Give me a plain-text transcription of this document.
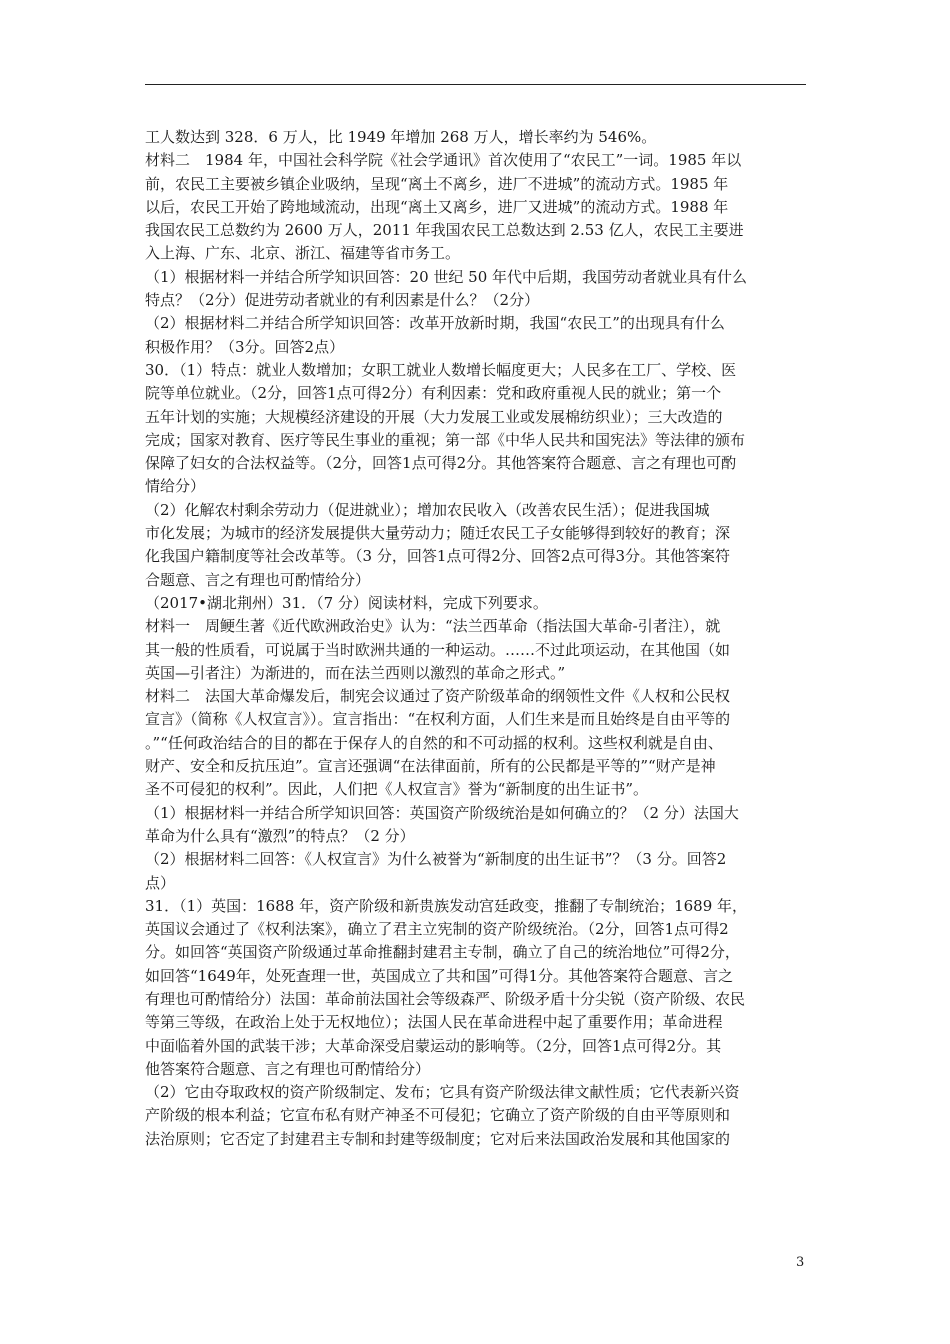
工人数达到 328．6 万人，比 1949 年增加 268 万人，增长率约为 546%。
材料二　1984 年，中国社会科学院《社会学通讯》首次使用了“农民工”一词。1985 年以
前，农民工主要被乡镇企业吸纳，呈现“离土不离乡，进厂不进城”的流动方式。1985 年
以后，农民工开始了跨地域流动，出现“离土又离乡，进厂又进城”的流动方式。1988 年
我国农民工总数约为 2600 万人，2011 年我国农民工总数达到 2.53 亿人，农民工主要进
入上海、广东、北京、浙江、福建等省市务工。
（1）根据材料一并结合所学知识回答：20 世纪 50 年代中后期，我国劳动者就业具有什么
特点？（2分）促进劳动者就业的有利因素是什么？（2分）
（2）根据材料二并结合所学知识回答：改革开放新时期，我国“农民工”的出现具有什么
积极作用？（3分。回答2点）
30．（1）特点：就业人数增加；女职工就业人数增长幅度更大；人民多在工厂、学校、医
院等单位就业。（2分，回答1点可得2分）有利因素：党和政府重视人民的就业；第一个
五年计划的实施；大规模经济建设的开展（大力发展工业或发展棉纺织业）；三大改造的
完成；国家对教育、医疗等民生事业的重视；第一部《中华人民共和国宪法》等法律的颁布
保障了妇女的合法权益等。（2分，回答1点可得2分。其他答案符合题意、言之有理也可酌
情给分）
（2）化解农村剩余劳动力（促进就业）；增加农民收入（改善农民生活）；促进我国城
市化发展；为城市的经济发展提供大量劳动力；随迁农民工子女能够得到较好的教育；深
化我国户籍制度等社会改革等。（3 分，回答1点可得2分、回答2点可得3分。其他答案符
合题意、言之有理也可酌情给分）
（2017•湖北荆州）31．（7 分）阅读材料，完成下列要求。
材料一　周鲠生著《近代欧洲政治史》认为：“法兰西革命（指法国大革命-引者注），就
其一般的性质看，可说属于当时欧洲共通的一种运动。……不过此项运动，在其他国（如
英国—引者注）为渐进的，而在法兰西则以激烈的革命之形式。”
材料二　法国大革命爆发后，制宪会议通过了资产阶级革命的纲领性文件《人权和公民权
宣言》（简称《人权宣言》）。宣言指出：“在权利方面，人们生来是而且始终是自由平等的
。”“任何政治结合的目的都在于保存人的自然的和不可动摇的权利。这些权利就是自由、
财产、安全和反抗压迫”。宣言还强调“在法律面前，所有的公民都是平等的”“财产是神
圣不可侵犯的权利”。因此，人们把《人权宣言》誉为“新制度的出生证书”。
（1）根据材料一并结合所学知识回答：英国资产阶级统治是如何确立的？（2 分）法国大
革命为什么具有“激烈”的特点？（2 分）
（2）根据材料二回答：《人权宣言》为什么被誉为“新制度的出生证书”？（3 分。回答2
点）
31．（1）英国：1688 年，资产阶级和新贵族发动宫廷政变，推翻了专制统治；1689 年，
英国议会通过了《权利法案》，确立了君主立宪制的资产阶级统治。（2分，回答1点可得2
分。如回答“英国资产阶级通过革命推翻封建君主专制，确立了自己的统治地位”可得2分，
如回答“1649年，处死查理一世，英国成立了共和国”可得1分。其他答案符合题意、言之
有理也可酌情给分）法国：革命前法国社会等级森严、阶级矛盾十分尖锐（资产阶级、农民
等第三等级，在政治上处于无权地位）；法国人民在革命进程中起了重要作用；革命进程
中面临着外国的武装干涉；大革命深受启蒙运动的影响等。（2分，回答1点可得2分。其
他答案符合题意、言之有理也可酌情给分）
（2）它由夺取政权的资产阶级制定、发布；它具有资产阶级法律文献性质；它代表新兴资
产阶级的根本利益；它宣布私有财产神圣不可侵犯；它确立了资产阶级的自由平等原则和
法治原则；它否定了封建君主专制和封建等级制度；它对后来法国政治发展和其他国家的
3
